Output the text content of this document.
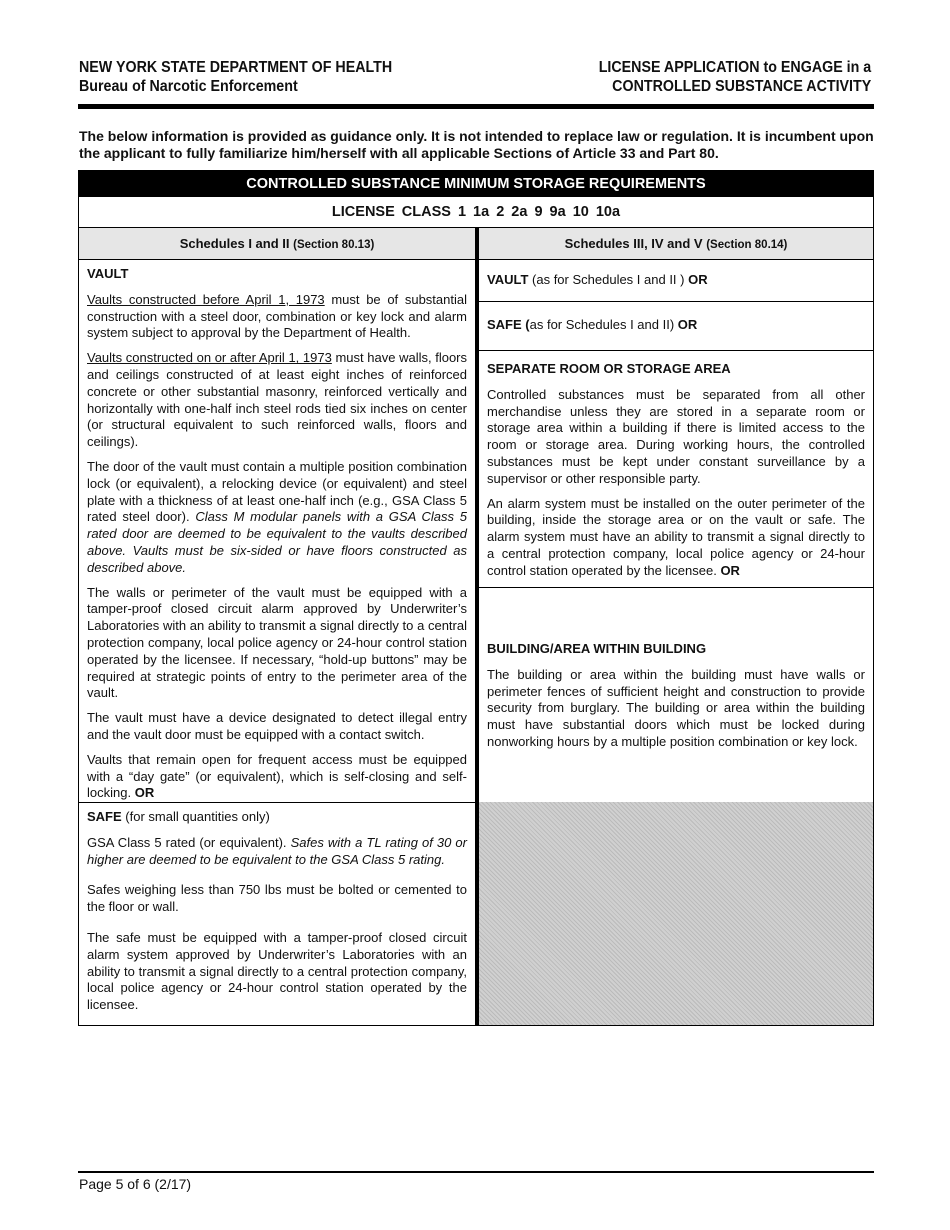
NEW YORK STATE DEPARTMENT OF HEALTH
Bureau of Narcotic Enforcement
LICENSE APPLICATION to ENGAGE in a
CONTROLLED SUBSTANCE ACTIVITY
The below information is provided as guidance only. It is not intended to replace law or regulation. It is incumbent upon the applicant to fully familiarize him/herself with all applicable Sections of Article 33 and Part 80.
CONTROLLED SUBSTANCE MINIMUM STORAGE REQUIREMENTS
LICENSE CLASS 1 1a 2 2a 9 9a 10 10a
Schedules I and II (Section 80.13)	Schedules III, IV and V (Section 80.14)
VAULT

Vaults constructed before April 1, 1973 must be of substantial construction with a steel door, combination or key lock and alarm system subject to approval by the Department of Health.

Vaults constructed on or after April 1, 1973 must have walls, floors and ceilings constructed of at least eight inches of reinforced concrete or other substantial masonry, reinforced vertically and horizontally with one-half inch steel rods tied six inches on center (or structural equivalent to such reinforced walls, floors and ceilings).

The door of the vault must contain a multiple position combination lock (or equivalent), a relocking device (or equivalent) and steel plate with a thickness of at least one-half inch (e.g., GSA Class 5 rated steel door). Class M modular panels with a GSA Class 5 rated door are deemed to be equivalent to the vaults described above. Vaults must be six-sided or have floors constructed as described above.

The walls or perimeter of the vault must be equipped with a tamper-proof closed circuit alarm approved by Underwriter’s Laboratories with an ability to transmit a signal directly to a central protection company, local police agency or 24-hour control station operated by the licensee. If necessary, “hold-up buttons” may be required at strategic points of entry to the perimeter area of the vault.

The vault must have a device designated to detect illegal entry and the vault door must be equipped with a contact switch.

Vaults that remain open for frequent access must be equipped with a “day gate” (or equivalent), which is self-closing and self-locking. OR

SAFE (for small quantities only)

GSA Class 5 rated (or equivalent). Safes with a TL rating of 30 or higher are deemed to be equivalent to the GSA Class 5 rating.

Safes weighing less than 750 lbs must be bolted or cemented to the floor or wall.

The safe must be equipped with a tamper-proof closed circuit alarm system approved by Underwriter’s Laboratories with an ability to transmit a signal directly to a central protection company, local police agency or 24-hour control station operated by the licensee.

VAULT (as for Schedules I and II ) OR

SAFE (as for Schedules I and II) OR

SEPARATE ROOM OR STORAGE AREA

Controlled substances must be separated from all other merchandise unless they are stored in a separate room or storage area within a building if there is limited access to the room or storage area. During working hours, the controlled substances must be kept under constant surveillance by a supervisor or other responsible party.

An alarm system must be installed on the outer perimeter of the building, inside the storage area or on the vault or safe. The alarm system must have an ability to transmit a signal directly to a central protection company, local police agency or 24-hour control station operated by the licensee. OR

BUILDING/AREA WITHIN BUILDING

The building or area within the building must have walls or perimeter fences of sufficient height and construction to provide security from burglary. The building or area within the building must have substantial doors which must be locked during nonworking hours by a multiple position combination or key lock.

Page 5 of 6 (2/17)
